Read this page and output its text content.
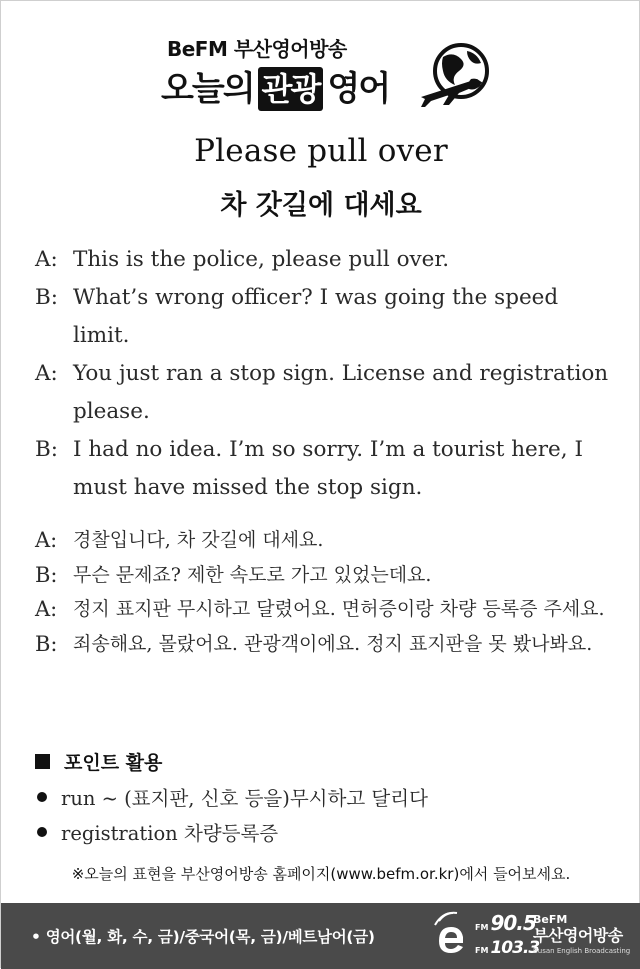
BeFM 부산영어방송
오늘의 관광 영어
Please pull over
차 갓길에 대세요
A: This is the police, please pull over.
B: What’s wrong officer? I was going the speed limit.
A: You just ran a stop sign. License and registration please.
B: I had no idea. I’m so sorry. I’m a tourist here, I must have missed the stop sign.
A: 경찰입니다, 차 갓길에 대세요.
B: 무슨 문제죠? 제한 속도로 가고 있었는데요.
A: 정지 표지판 무시하고 달렸어요. 면허증이랑 차량 등록증 주세요.
B: 죄송해요, 몰랐어요. 관광객이에요. 정지 표지판을 못 봤나봐요.
포인트 활용
run ~ (표지판, 신호 등을)무시하고 달리다
registration 차량등록증
※오늘의 표현을 부산영어방송 홈페이지(www.befm.or.kr)에서 들어보세요.
• 영어(월, 화, 수, 금)/중국어(목, 금)/베트남어(금)
FM 90.5
FM 103.3
BeFM
부산영어방송
Busan English Broadcasting
